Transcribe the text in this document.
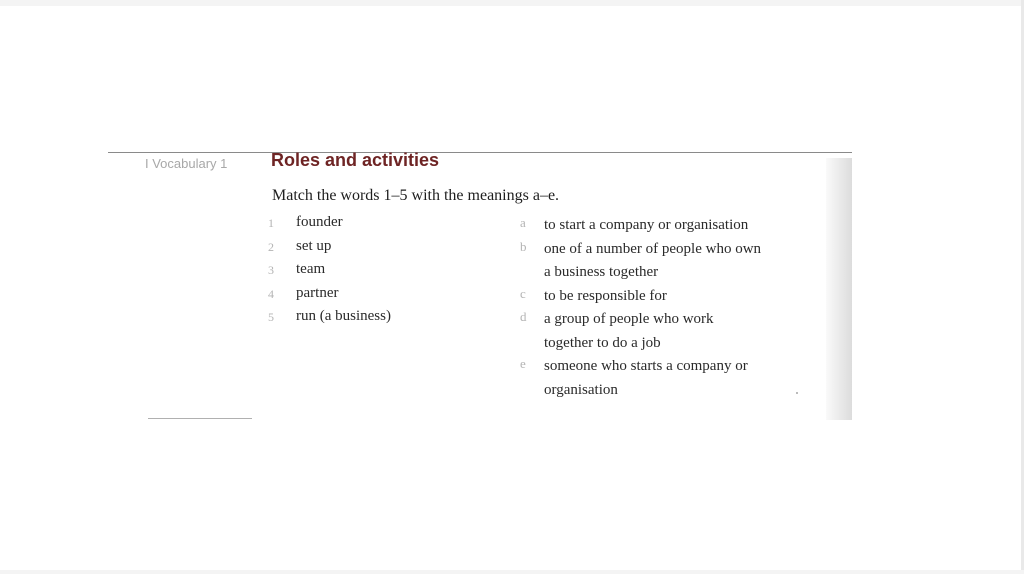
I Vocabulary 1 Roles and activities
Match the words 1–5 with the meanings a–e.
1	founder
2	set up
3	team
4	partner
5	run (a business)
a to start a company or organisation
b one of a number of people who own
a business together
c to be responsible for
d a group of people who work
together to do a job
e someone who starts a company or
organisation
